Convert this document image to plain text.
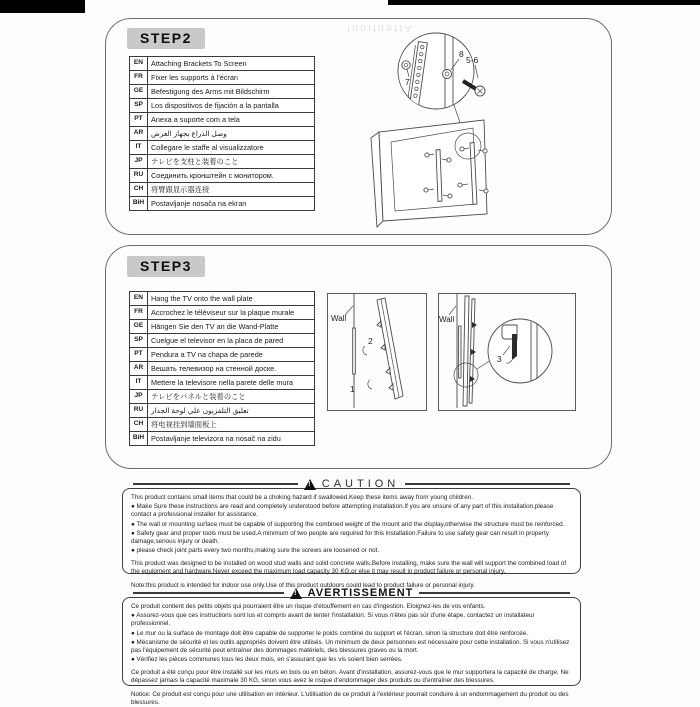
Attention!
STEP2
EN	Attaching Brackets To Screen
FR	Fixer les supports à l'écran
GE	Befestigung des Arms mit Bildschirm
SP	Los dispositivos de fijación a la pantalla
PT	Anexa a suporte com a tela
AR	وصل الذراع بجهاز العرض
IT	Collegare le staffe al visualizzatore
JP	テレビを支柱と装着のこと
RU	Соединить кронштейн с монитором.
CH	将臂跟显示器连接
BiH	Postavljanje nosača na ekran
7
8
5-6
STEP3
EN	Hang the TV onto the wall plate
FR	Accrochez le téléviseur sur la plaque murale
GE	Hängen Sie den TV an die Wand-Platte
SP	Cuelgue el televisor en la placa de pared
PT	Pendura a TV na chapa de parede
AR	Вешать телевизор на стенной доске.
IT	Mettere la televisore nella parete delle mura
JP	テレビをパネルと装着のこと
RU	تعليق التلفزيون علي لوحة الجدار
CH	将电视挂到墙面板上
BiH	Postavljanje televizora na nosač na zidu
Wall
1
2
Wall
3
!
CAUTION

This product contains small items that could be a choking hazard if swallowed.Keep these items away from young children.

● Make Sure these instructions are read and completely understood before attempting installation.If you are unsure of any part of this installation,please contact a professional installer for assistance.

● The wall or mounting surface must be capable of supporting the combined weight of the mount and the display,otherwise the structure must be reinforced.

● Safety gear and proper tools must be used.A minimum of two people are required for this installation.Failure to use safety gear can result in property damage,serious injury or death.

● please check joint parts every two months,making sure the screws are loosened or not.

This product was designed to be installed on wood stud walls and solid concrete walls.Before installing, make sure the wall will support the combined load of the equipment and hardware.Never exceed the maximum load capacity 30 KG,or else it may result in product failure or personal injury.

Note:this product is intended for indoor use only.Use of this product outdoors could lead to product failure or personal injury.

!
AVERTISSEMENT

Ce produit contient des petits objets qui pourraient être un risque d'étouffement en cas d'ingestion. Eloignez-les de vos enfants.

● Assurez-vous que ces instructions sont lus et compris avant de tenter l'installation. Si vous n'êtes pas sûr d'une étape, contactez un installateur professionnel.

● Le mur ou la surface de montage doit être capable de supporter le poids combiné du support et l'écran, sinon la structure doit être renforcée.

● Mécanisme de sécurité et les outils appropriés doivent être utilisés. Un minimum de deux personnes est nécessaire pour cette installation. Si vous n'utilisez pas l'équipement de sécurité peut entraîner des dommages matériels, des blessures graves ou la mort.

● Vérifiez les pièces communes tous les deux mois, en s'assurant que les vis soient bien serrées.

Ce produit a été conçu pour être installé sur les murs en bois ou en béton. Avant d'installation, assurez-vous que le mur supportera la capacité de charge. Ne dépassez jamais la capacité maximale 30 KG, sinon vous avez le risque d'endommager des produits ou d'entraîner des blessures.

Notice: Ce produit est conçu pour une utilisation en intérieur. L'utilisation de ce produit à l'extérieur pourrait conduire à un endommagement du produit ou des blessures.
